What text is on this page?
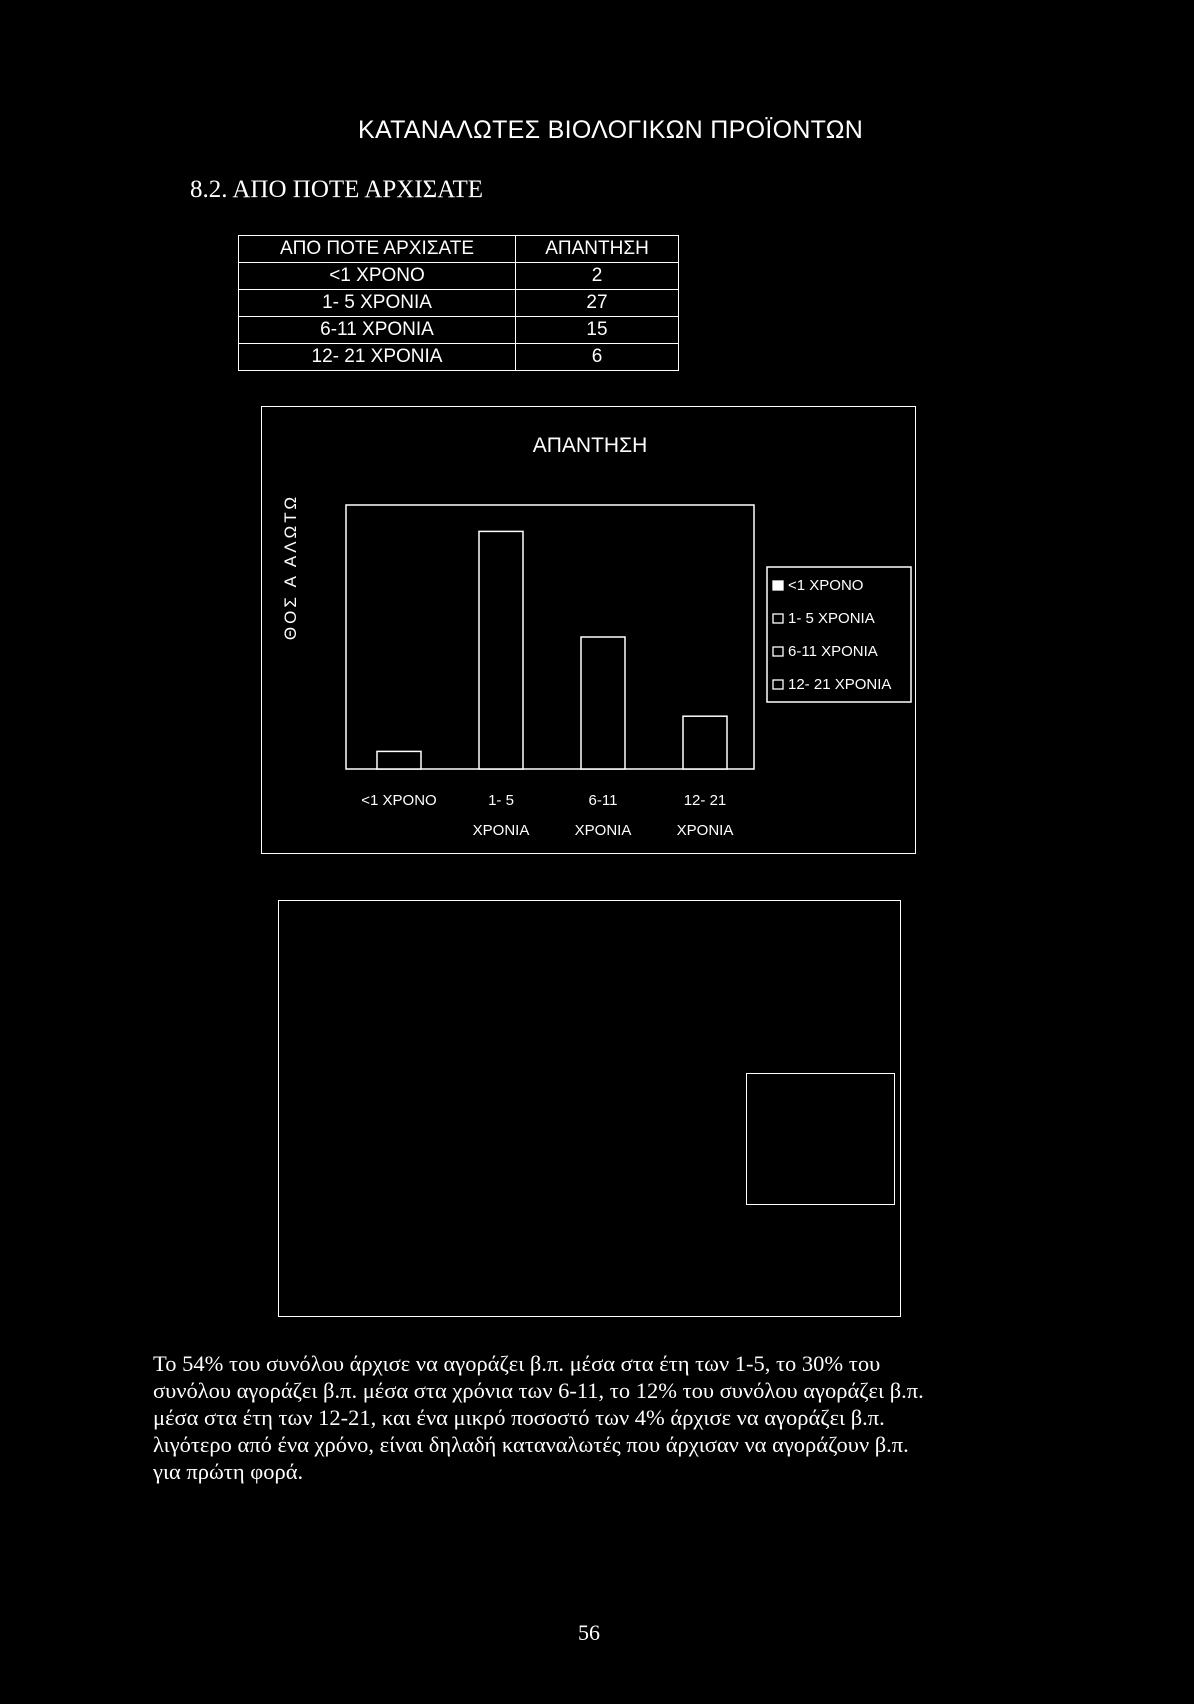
ΚΑΤΑΝΑΛΩΤΕΣ ΒΙΟΛΟΓΙΚΩΝ ΠΡΟΪΟΝΤΩΝ
8.2. ΑΠΟ ΠΟΤΕ ΑΡΧΙΣΑΤΕ
ΑΠΟ ΠΟΤΕ ΑΡΧΙΣΑΤΕ	ΑΠΑΝΤΗΣΗ
<1 ΧΡΟΝΟ	2
1- 5 ΧΡΟΝΙΑ	27
6-11 ΧΡΟΝΙΑ	15
12- 21 ΧΡΟΝΙΑ	6
ΑΠΑΝΤΗΣΗ
ΘΟΣ Α ΑΛΩΤΩ
<1 ΧΡΟΝΟ	1- 5
ΧΡΟΝΙΑ
6-11
ΧΡΟΝΙΑ
12- 21
ΧΡΟΝΙΑ
<1 ΧΡΟΝΟ
1- 5 ΧΡΟΝΙΑ
6-11 ΧΡΟΝΙΑ
12- 21 ΧΡΟΝΙΑ
Το 54% του συνόλου άρχισε να αγοράζει β.π. μέσα στα έτη των 1-5, το 30% του
συνόλου αγοράζει β.π. μέσα στα χρόνια των 6-11, το 12% του συνόλου αγοράζει β.π.
μέσα στα έτη των 12-21, και ένα μικρό ποσοστό των 4% άρχισε να αγοράζει β.π.
λιγότερο από ένα χρόνο, είναι δηλαδή καταναλωτές που άρχισαν να αγοράζουν β.π.
για πρώτη φορά.
56
